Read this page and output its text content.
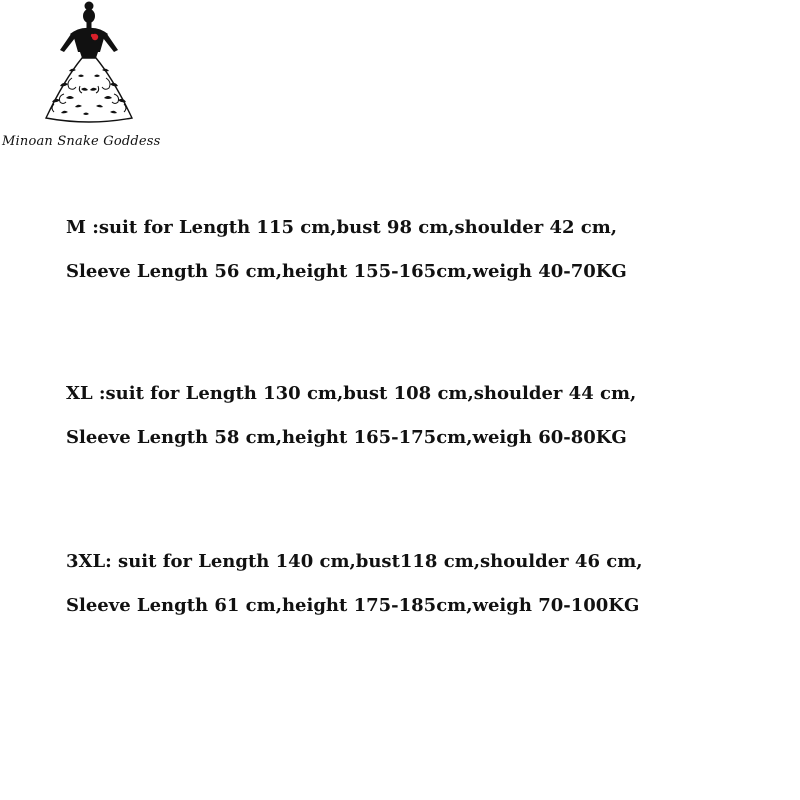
Minoan Snake Goddess
M :suit for Length 115 cm,bust 98 cm,shoulder 42 cm,
Sleeve Length 56 cm,height 155-165cm,weigh 40-70KG
XL :suit for Length 130 cm,bust 108 cm,shoulder 44 cm,
Sleeve Length 58 cm,height 165-175cm,weigh 60-80KG
3XL: suit for Length 140 cm,bust118 cm,shoulder 46 cm,
Sleeve Length 61 cm,height 175-185cm,weigh 70-100KG
